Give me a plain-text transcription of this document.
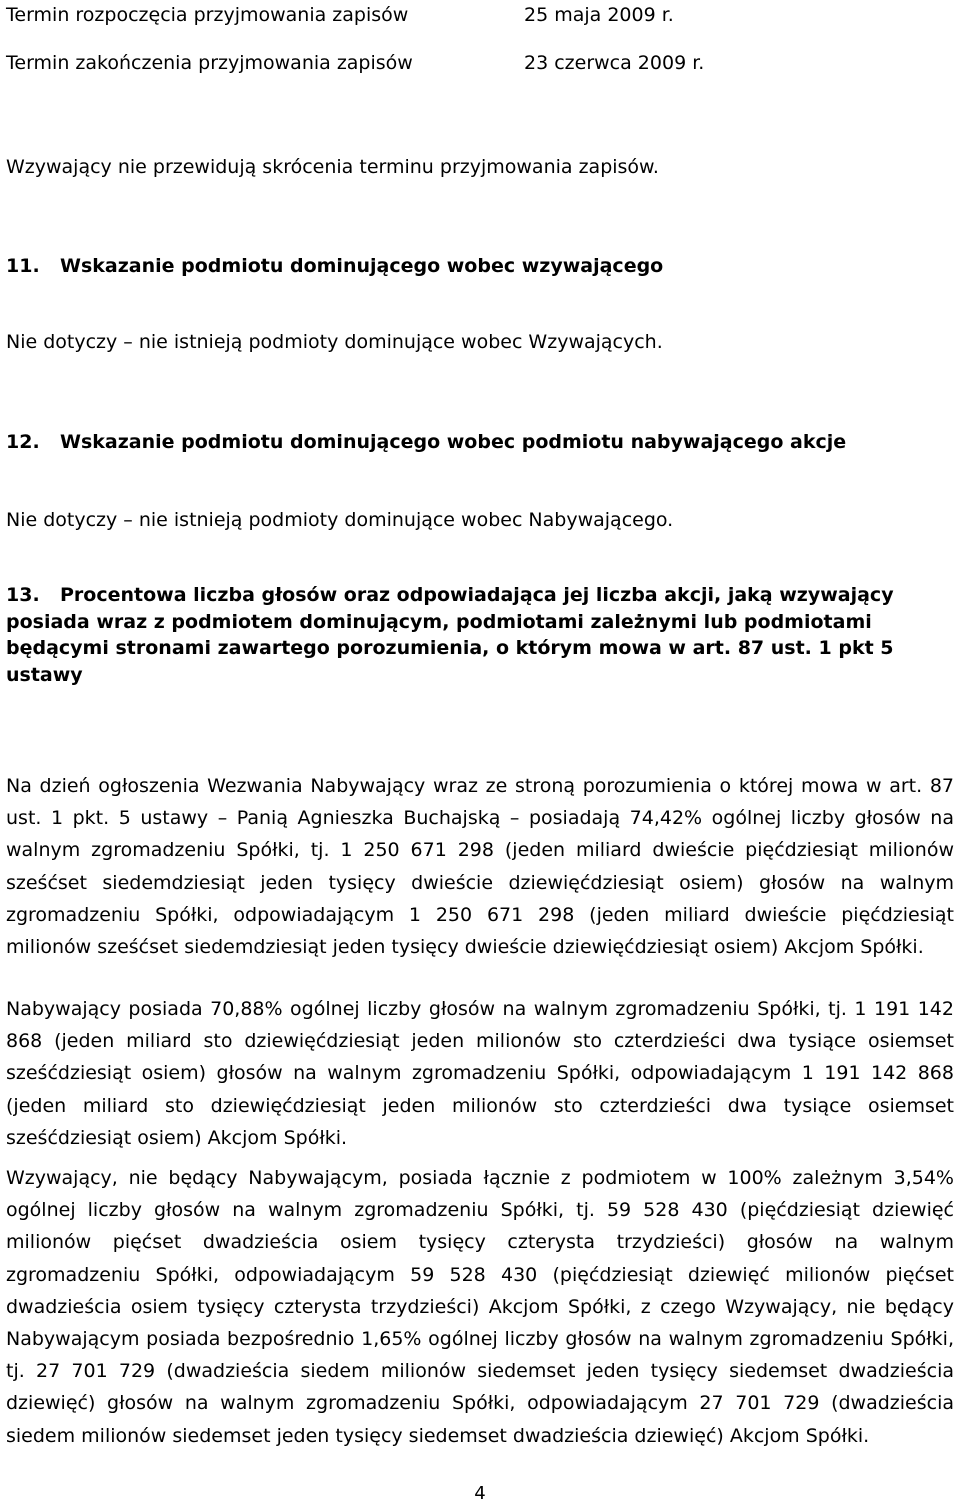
Termin rozpoczęcia przyjmowania zapisów	25 maja 2009 r.
Termin zakończenia przyjmowania zapisów	23 czerwca 2009 r.
Wzywający nie przewidują skrócenia terminu przyjmowania zapisów.
11. Wskazanie podmiotu dominującego wobec wzywającego
Nie dotyczy – nie istnieją podmioty dominujące wobec Wzywających.
12. Wskazanie podmiotu dominującego wobec podmiotu nabywającego akcje
Nie dotyczy – nie istnieją podmioty dominujące wobec Nabywającego.
13. Procentowa liczba głosów oraz odpowiadająca jej liczba akcji, jaką wzywający posiada wraz z podmiotem dominującym, podmiotami zależnymi lub podmiotami będącymi stronami zawartego porozumienia, o którym mowa w art. 87 ust. 1 pkt 5 ustawy
Na dzień ogłoszenia Wezwania Nabywający wraz ze stroną porozumienia o której mowa w art. 87 ust. 1 pkt. 5 ustawy – Panią Agnieszka Buchajską – posiadają 74,42% ogólnej liczby głosów na walnym zgromadzeniu Spółki, tj. 1 250 671 298 (jeden miliard dwieście pięćdziesiąt milionów sześćset siedemdziesiąt jeden tysięcy dwieście dziewięćdziesiąt osiem) głosów na walnym zgromadzeniu Spółki, odpowiadającym 1 250 671 298 (jeden miliard dwieście pięćdziesiąt milionów sześćset siedemdziesiąt jeden tysięcy dwieście dziewięćdziesiąt osiem) Akcjom Spółki.
Nabywający posiada 70,88% ogólnej liczby głosów na walnym zgromadzeniu Spółki, tj. 1 191 142 868 (jeden miliard sto dziewięćdziesiąt jeden milionów sto czterdzieści dwa tysiące osiemset sześćdziesiąt osiem) głosów na walnym zgromadzeniu Spółki, odpowiadającym 1 191 142 868 (jeden miliard sto dziewięćdziesiąt jeden milionów sto czterdzieści dwa tysiące osiemset sześćdziesiąt osiem) Akcjom Spółki.
Wzywający, nie będący Nabywającym, posiada łącznie z podmiotem w 100% zależnym 3,54% ogólnej liczby głosów na walnym zgromadzeniu Spółki, tj. 59 528 430 (pięćdziesiąt dziewięć milionów pięćset dwadzieścia osiem tysięcy czterysta trzydzieści) głosów na walnym zgromadzeniu Spółki, odpowiadającym 59 528 430 (pięćdziesiąt dziewięć milionów pięćset dwadzieścia osiem tysięcy czterysta trzydzieści) Akcjom Spółki, z czego Wzywający, nie będący Nabywającym posiada bezpośrednio 1,65% ogólnej liczby głosów na walnym zgromadzeniu Spółki, tj. 27 701 729 (dwadzieścia siedem milionów siedemset jeden tysięcy siedemset dwadzieścia dziewięć) głosów na walnym zgromadzeniu Spółki, odpowiadającym 27 701 729 (dwadzieścia siedem milionów siedemset jeden tysięcy siedemset dwadzieścia dziewięć) Akcjom Spółki.
4
